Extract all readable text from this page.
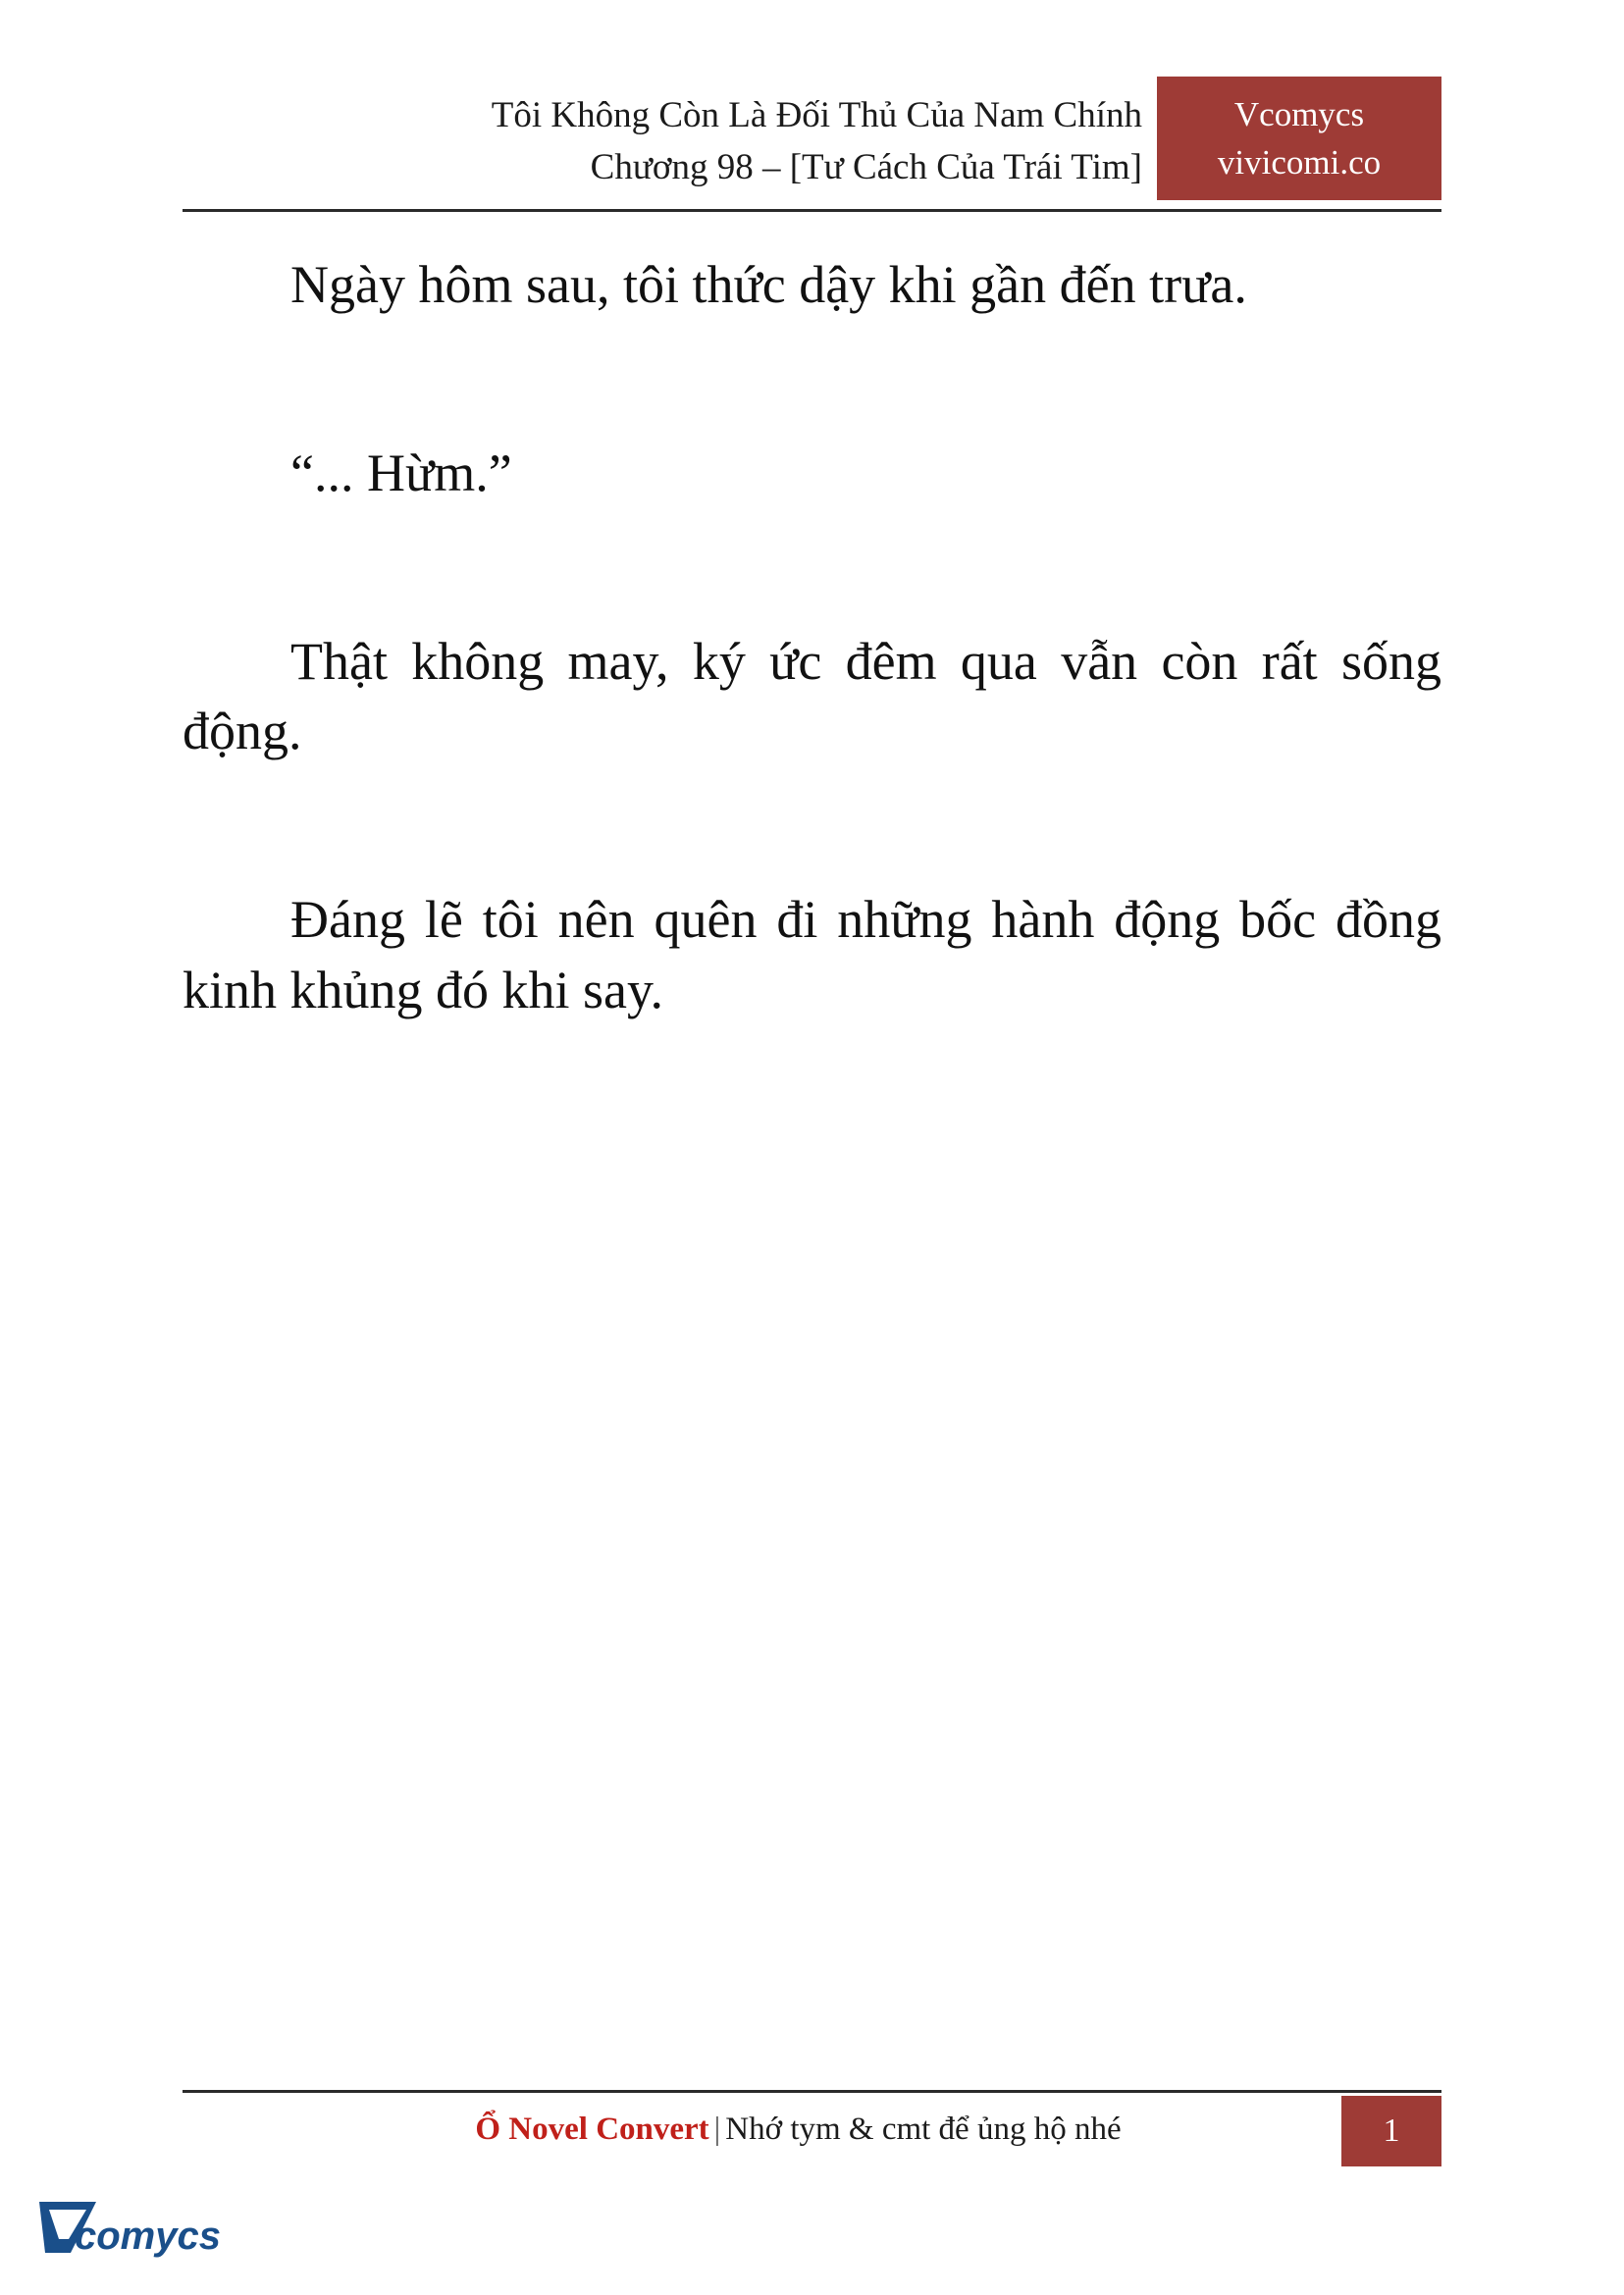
Tôi Không Còn Là Đối Thủ Của Nam Chính
Chương 98 – [Tư Cách Của Trái Tim]
Vcomycs
vivicomi.co

Ngày hôm sau, tôi thức dậy khi gần đến trưa.

“... Hừm.”

Thật không may, ký ức đêm qua vẫn còn rất sống động.

Đáng lẽ tôi nên quên đi những hành động bốc đồng kinh khủng đó khi say.

Ổ Novel Convert | Nhớ tym & cmt để ủng hộ nhé	1
comycs
